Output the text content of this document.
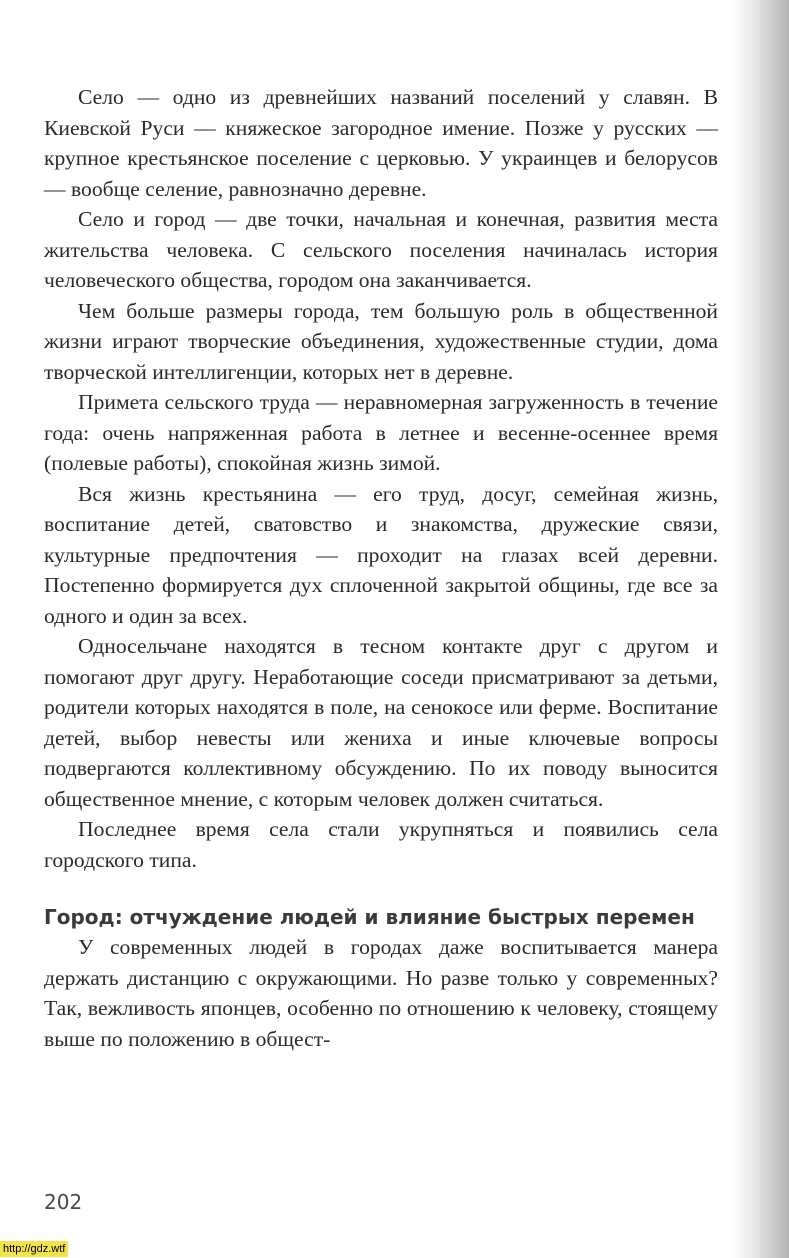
Село — одно из древнейших названий поселений у славян. В Киевской Руси — княжеское загородное имение. Позже у русских — крупное крестьянское поселение с церковью. У украинцев и белорусов — вообще селение, равнозначно деревне.

Село и город — две точки, начальная и конечная, развития места жительства человека. С сельского поселения начиналась история человеческого общества, городом она заканчивается.

Чем больше размеры города, тем большую роль в общественной жизни играют творческие объединения, художественные студии, дома творческой интеллигенции, которых нет в деревне.

Примета сельского труда — неравномерная загруженность в течение года: очень напряженная работа в летнее и весенне-осеннее время (полевые работы), спокойная жизнь зимой.

Вся жизнь крестьянина — его труд, досуг, семейная жизнь, воспитание детей, сватовство и знакомства, дружеские связи, культурные предпочтения — проходит на глазах всей деревни. Постепенно формируется дух сплоченной закрытой общины, где все за одного и один за всех.

Односельчане находятся в тесном контакте друг с другом и помогают друг другу. Неработающие соседи присматривают за детьми, родители которых находятся в поле, на сенокосе или ферме. Воспитание детей, выбор невесты или жениха и иные ключевые вопросы подвергаются коллективному обсуждению. По их поводу выносится общественное мнение, с которым человек должен считаться.

Последнее время села стали укрупняться и появились села городского типа.

Город: отчуждение людей и влияние быстрых перемен

У современных людей в городах даже воспитывается манера держать дистанцию с окружающими. Но разве только у современных? Так, вежливость японцев, особенно по отношению к человеку, стоящему выше по положению в общест-

202
http://gdz.wtf
